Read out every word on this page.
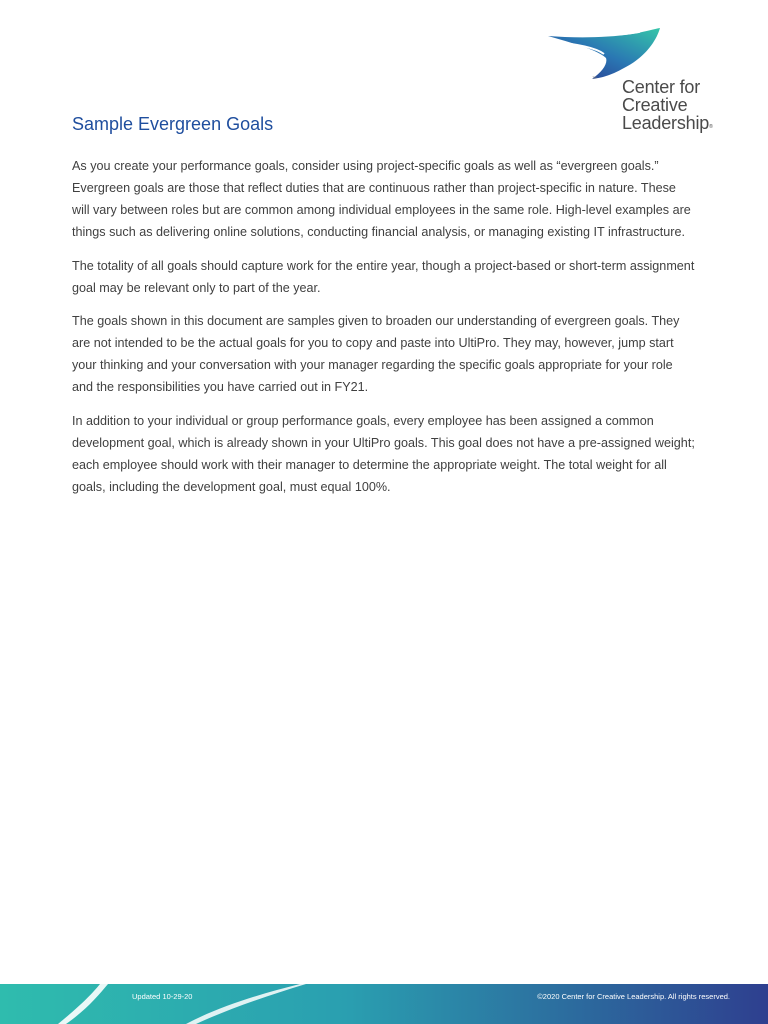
™ Center for
Creative
Leadership®
Sample Evergreen Goals

As you create your performance goals, consider using project-specific goals as well as “evergreen goals.” Evergreen goals are those that reflect duties that are continuous rather than project-specific in nature. These will vary between roles but are common among individual employees in the same role. High-level examples are things such as delivering online solutions, conducting financial analysis, or managing existing IT infrastructure.

The totality of all goals should capture work for the entire year, though a project-based or short-term assignment goal may be relevant only to part of the year.

The goals shown in this document are samples given to broaden our understanding of evergreen goals. They are not intended to be the actual goals for you to copy and paste into UltiPro. They may, however, jump start your thinking and your conversation with your manager regarding the specific goals appropriate for your role and the responsibilities you have carried out in FY21.

In addition to your individual or group performance goals, every employee has been assigned a common development goal, which is already shown in your UltiPro goals. This goal does not have a pre-assigned weight; each employee should work with their manager to determine the appropriate weight. The total weight for all goals, including the development goal, must equal 100%.

Updated 10-29-20	©2020 Center for Creative Leadership. All rights reserved.
